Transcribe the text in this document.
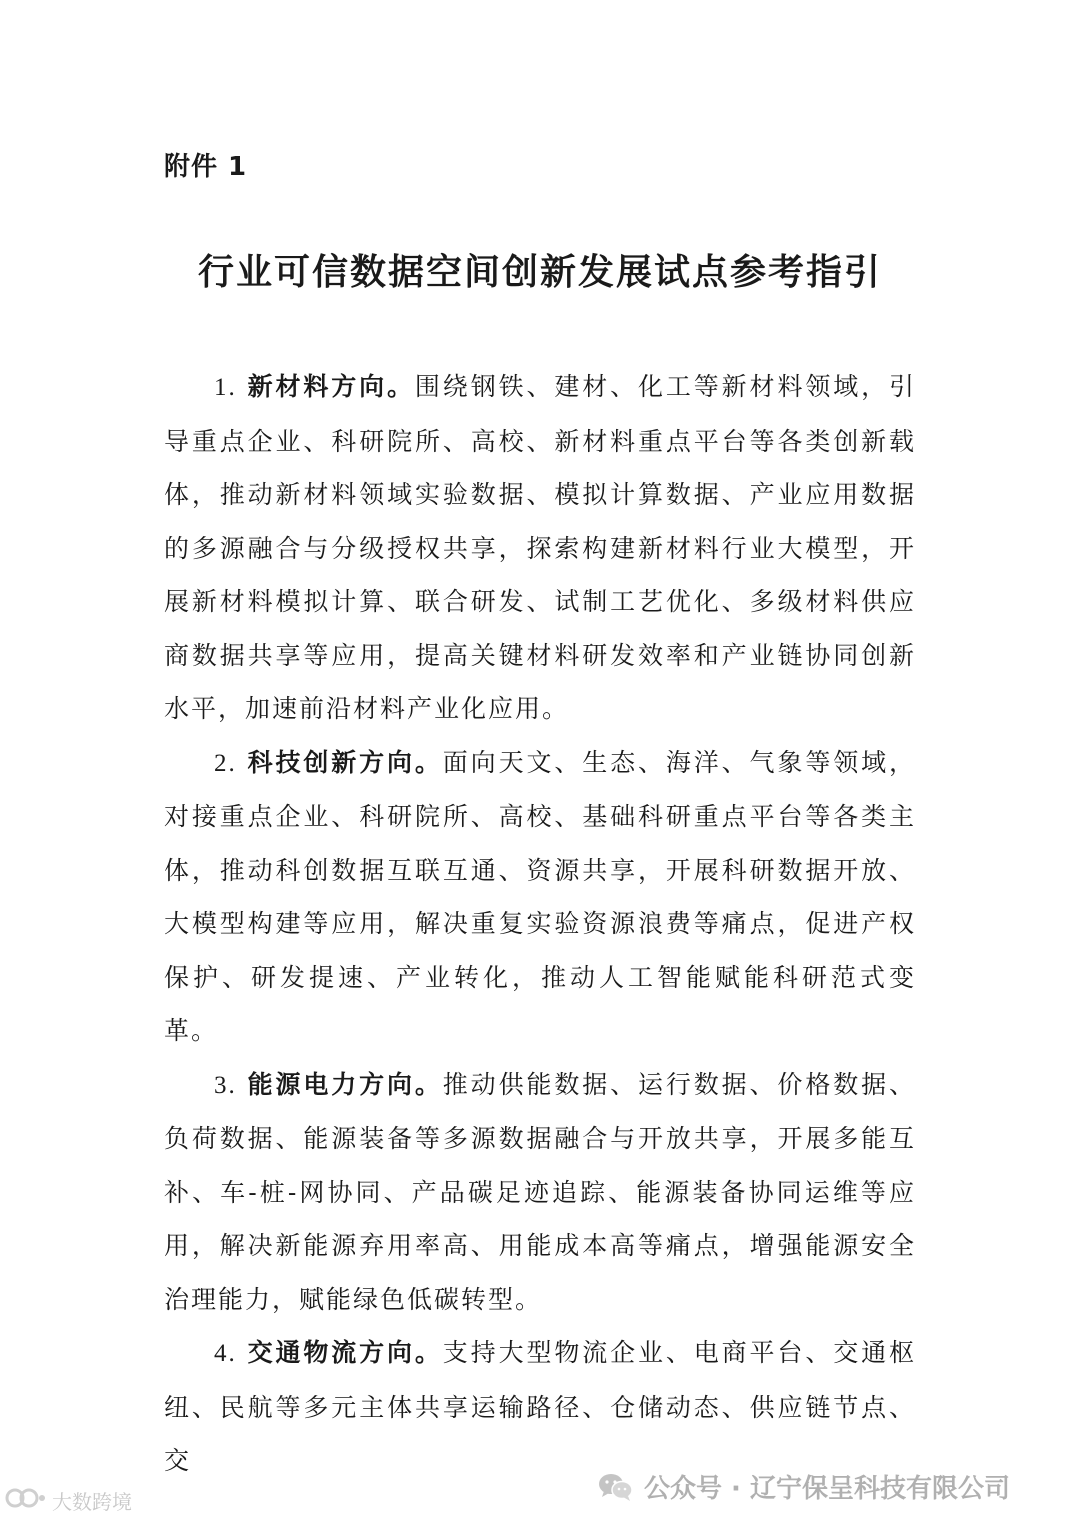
附件 1
行业可信数据空间创新发展试点参考指引

1. 新材料方向。围绕钢铁、建材、化工等新材料领域，引导重点企业、科研院所、高校、新材料重点平台等各类创新载体，推动新材料领域实验数据、模拟计算数据、产业应用数据的多源融合与分级授权共享，探索构建新材料行业大模型，开展新材料模拟计算、联合研发、试制工艺优化、多级材料供应商数据共享等应用，提高关键材料研发效率和产业链协同创新水平，加速前沿材料产业化应用。

2. 科技创新方向。面向天文、生态、海洋、气象等领域，对接重点企业、科研院所、高校、基础科研重点平台等各类主体，推动科创数据互联互通、资源共享，开展科研数据开放、大模型构建等应用，解决重复实验资源浪费等痛点，促进产权保护、研发提速、产业转化，推动人工智能赋能科研范式变革。

3. 能源电力方向。推动供能数据、运行数据、价格数据、负荷数据、能源装备等多源数据融合与开放共享，开展多能互补、车-桩-网协同、产品碳足迹追踪、能源装备协同运维等应用，解决新能源弃用率高、用能成本高等痛点，增强能源安全治理能力，赋能绿色低碳转型。

4. 交通物流方向。支持大型物流企业、电商平台、交通枢纽、民航等多元主体共享运输路径、仓储动态、供应链节点、交

公众号 · 辽宁保呈科技有限公司
大数跨境
